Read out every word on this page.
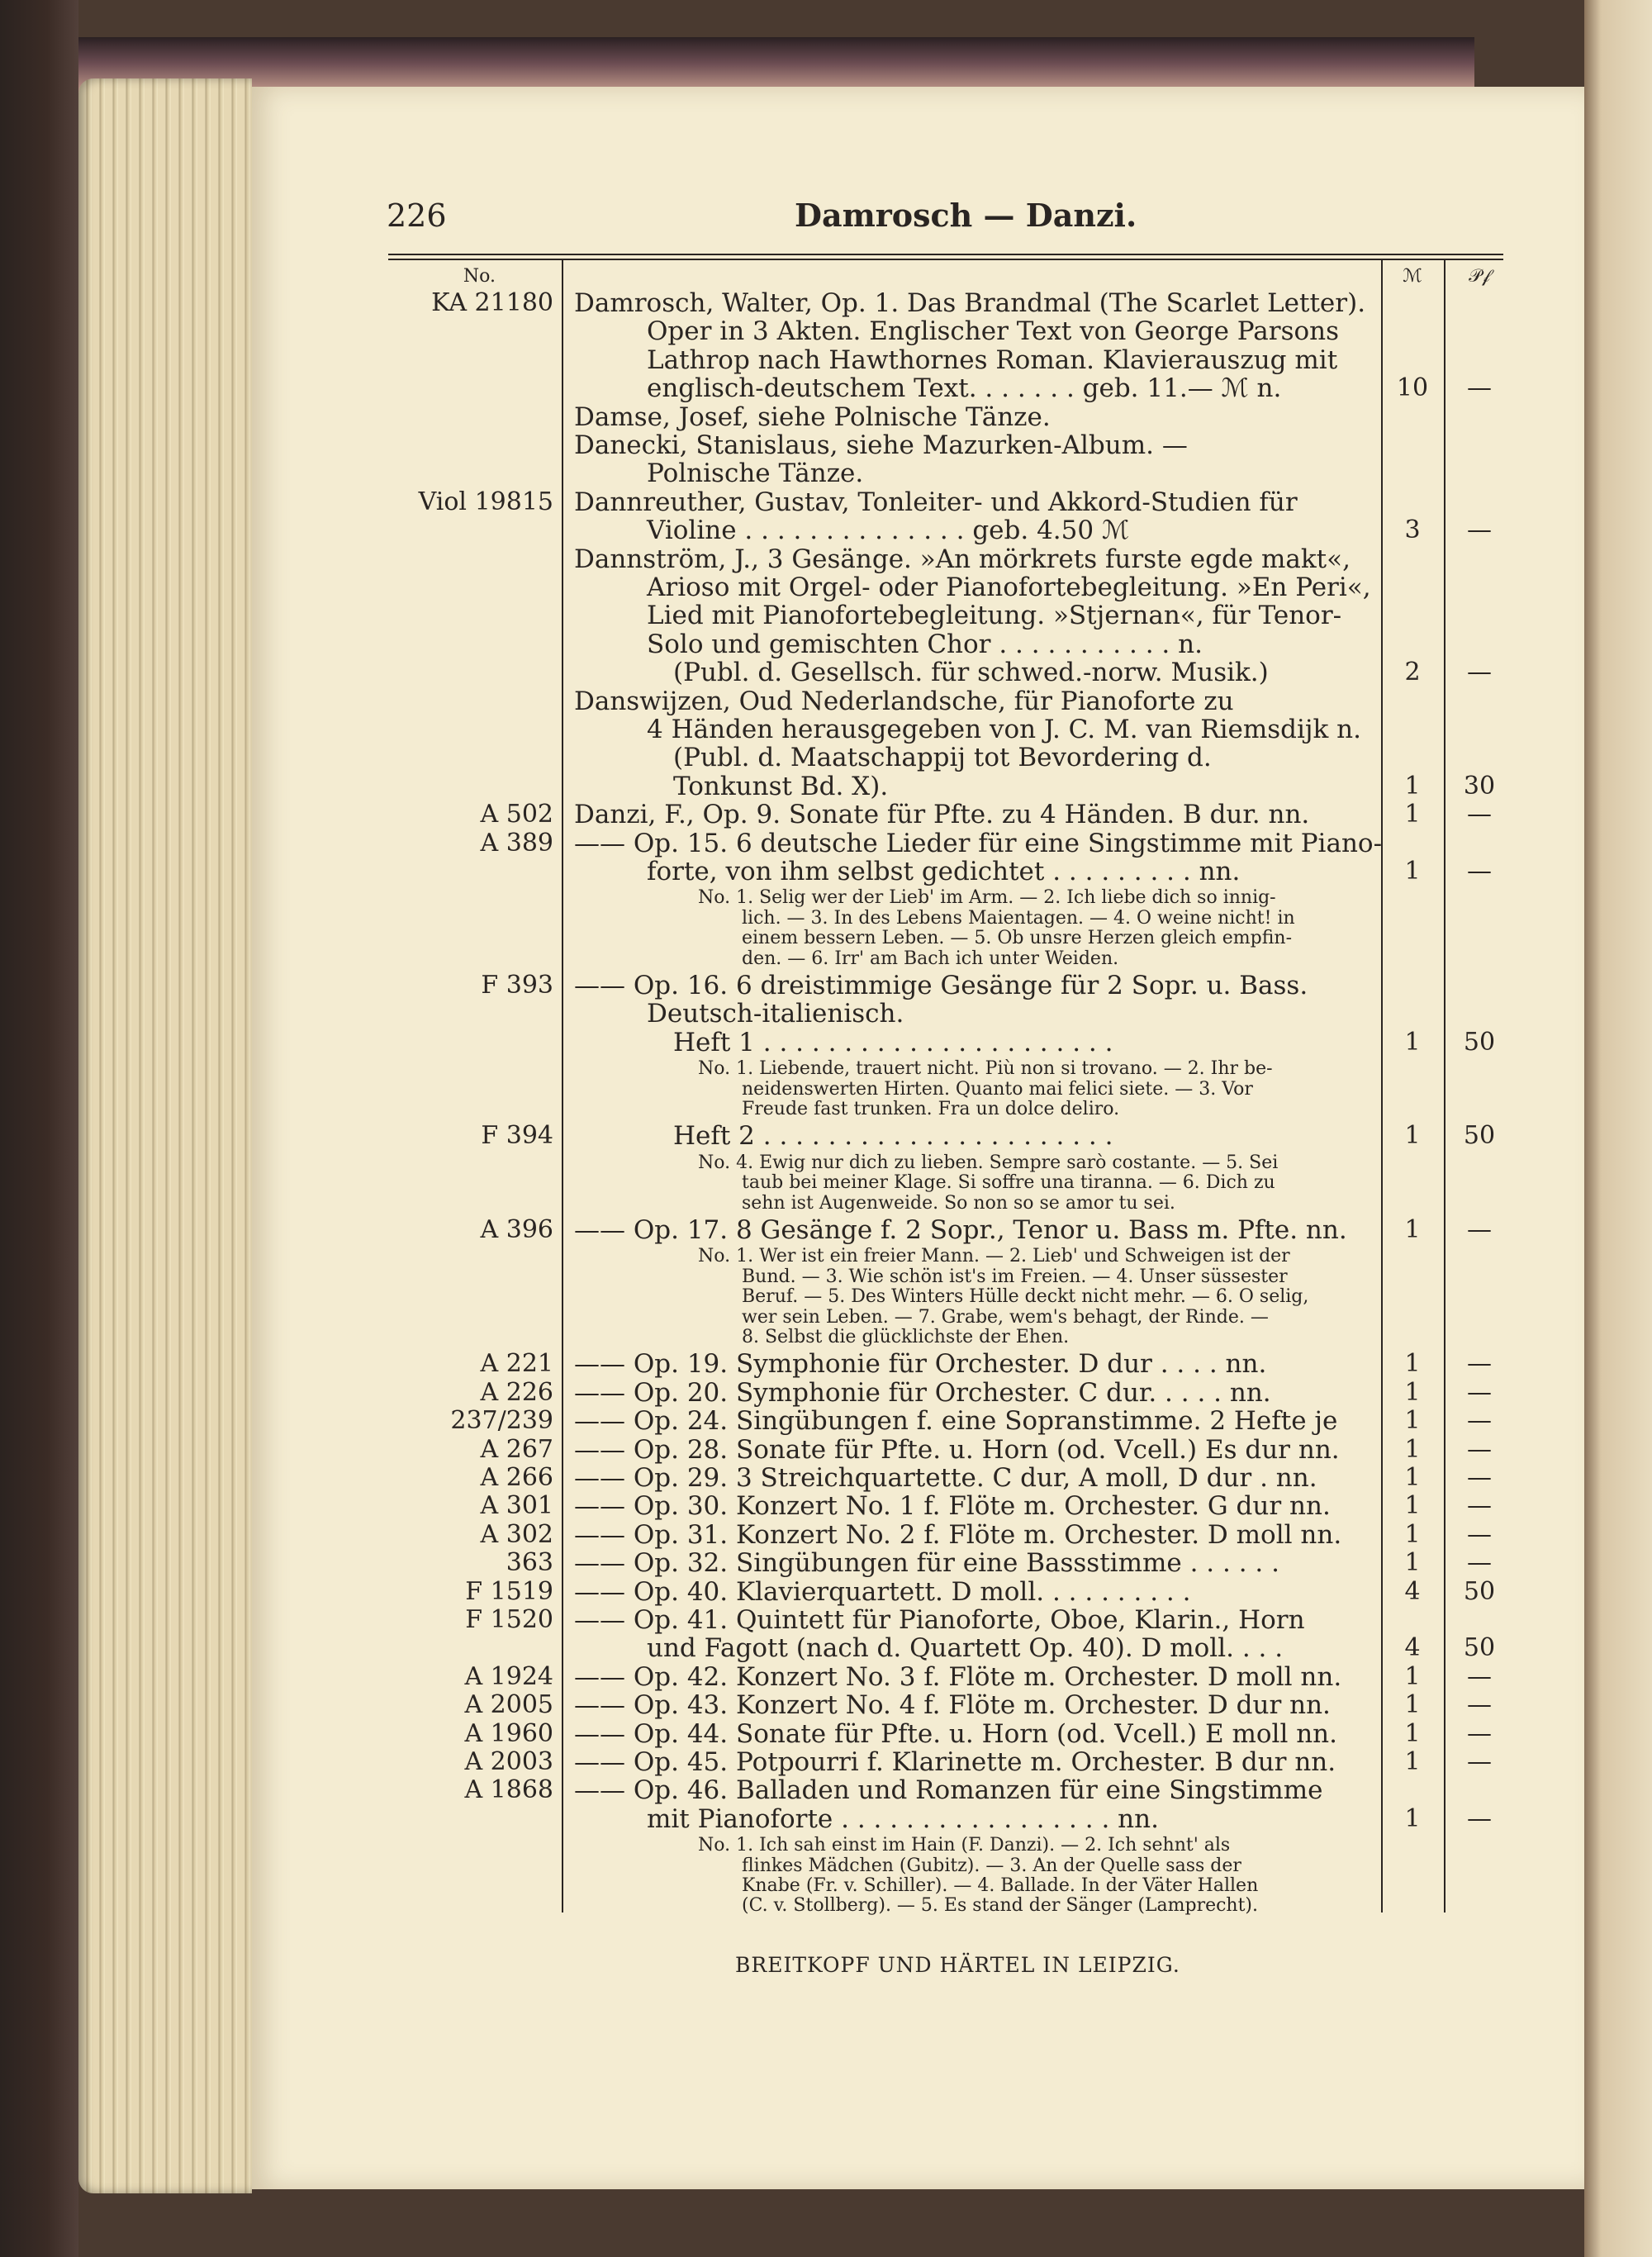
226	Damrosch — Danzi.
No.	ℳ	𝒫𝒻
KA 21180 Damrosch, Walter, Op. 1. Das Brandmal (The Scarlet Letter).
Oper in 3 Akten. Englischer Text von George Parsons
Lathrop nach Hawthornes Roman. Klavierauszug mit
englisch-deutschem Text. . . . . . . geb. 11.— ℳ n.	10	—
Damse, Josef, siehe Polnische Tänze.
Danecki, Stanislaus, siehe Mazurken-Album. —
Polnische Tänze.
Viol 19815 Dannreuther, Gustav, Tonleiter- und Akkord-Studien für
Violine . . . . . . . . . . . . . . geb. 4.50 ℳ	3	—
Dannström, J., 3 Gesänge. »An mörkrets furste egde makt«,
Arioso mit Orgel- oder Pianofortebegleitung. »En Peri«,
Lied mit Pianofortebegleitung. »Stjernan«, für Tenor-
Solo und gemischten Chor . . . . . . . . . . . n.
(Publ. d. Gesellsch. für schwed.-norw. Musik.)	2	—
Danswijzen, Oud Nederlandsche, für Pianoforte zu
4 Händen herausgegeben von J. C. M. van Riemsdijk n.
(Publ. d. Maatschappij tot Bevordering d.
Tonkunst Bd. X).	1	30
A 502 Danzi, F., Op. 9. Sonate für Pfte. zu 4 Händen. B dur. nn.	1	—
A 389 —— Op. 15. 6 deutsche Lieder für eine Singstimme mit Piano-
forte, von ihm selbst gedichtet . . . . . . . . . nn.	1	—
No. 1. Selig wer der Lieb' im Arm. — 2. Ich liebe dich so innig-
lich. — 3. In des Lebens Maientagen. — 4. O weine nicht! in
einem bessern Leben. — 5. Ob unsre Herzen gleich empfin-
den. — 6. Irr' am Bach ich unter Weiden.
F 393 —— Op. 16. 6 dreistimmige Gesänge für 2 Sopr. u. Bass.
Deutsch-italienisch.
Heft 1 . . . . . . . . . . . . . . . . . . . . . .	1	50
No. 1. Liebende, trauert nicht. Più non si trovano. — 2. Ihr be-
neidenswerten Hirten. Quanto mai felici siete. — 3. Vor
Freude fast trunken. Fra un dolce deliro.
F 394	Heft 2 . . . . . . . . . . . . . . . . . . . . . .	1	50
No. 4. Ewig nur dich zu lieben. Sempre sarò costante. — 5. Sei
taub bei meiner Klage. Si soffre una tiranna. — 6. Dich zu
sehn ist Augenweide. So non so se amor tu sei.
A 396 —— Op. 17. 8 Gesänge f. 2 Sopr., Tenor u. Bass m. Pfte. nn.	1	—
No. 1. Wer ist ein freier Mann. — 2. Lieb' und Schweigen ist der
Bund. — 3. Wie schön ist's im Freien. — 4. Unser süssester
Beruf. — 5. Des Winters Hülle deckt nicht mehr. — 6. O selig,
wer sein Leben. — 7. Grabe, wem's behagt, der Rinde. —
8. Selbst die glücklichste der Ehen.
A 221 —— Op. 19. Symphonie für Orchester. D dur . . . . nn.	1	—
A 226 —— Op. 20. Symphonie für Orchester. C dur. . . . . nn.	1	—
237/239 —— Op. 24. Singübungen f. eine Sopranstimme. 2 Hefte je	1	—
A 267 —— Op. 28. Sonate für Pfte. u. Horn (od. Vcell.) Es dur nn.	1	—
A 266 —— Op. 29. 3 Streichquartette. C dur, A moll, D dur . nn.	1	—
A 301 —— Op. 30. Konzert No. 1 f. Flöte m. Orchester. G dur nn.	1	—
A 302 —— Op. 31. Konzert No. 2 f. Flöte m. Orchester. D moll nn.	1	—
363 —— Op. 32. Singübungen für eine Bassstimme . . . . . .	1	—
F 1519 —— Op. 40. Klavierquartett. D moll. . . . . . . . . .	4	50
F 1520 —— Op. 41. Quintett für Pianoforte, Oboe, Klarin., Horn
und Fagott (nach d. Quartett Op. 40). D moll. . . .	4	50
A 1924 —— Op. 42. Konzert No. 3 f. Flöte m. Orchester. D moll nn.	1	—
A 2005 —— Op. 43. Konzert No. 4 f. Flöte m. Orchester. D dur nn.	1	—
A 1960 —— Op. 44. Sonate für Pfte. u. Horn (od. Vcell.) E moll nn.	1	—
A 2003 —— Op. 45. Potpourri f. Klarinette m. Orchester. B dur nn.	1	—
A 1868 —— Op. 46. Balladen und Romanzen für eine Singstimme
mit Pianoforte . . . . . . . . . . . . . . . . . nn.	1	—
No. 1. Ich sah einst im Hain (F. Danzi). — 2. Ich sehnt' als
flinkes Mädchen (Gubitz). — 3. An der Quelle sass der
Knabe (Fr. v. Schiller). — 4. Ballade. In der Väter Hallen
(C. v. Stollberg). — 5. Es stand der Sänger (Lamprecht).
BREITKOPF UND HÄRTEL IN LEIPZIG.
